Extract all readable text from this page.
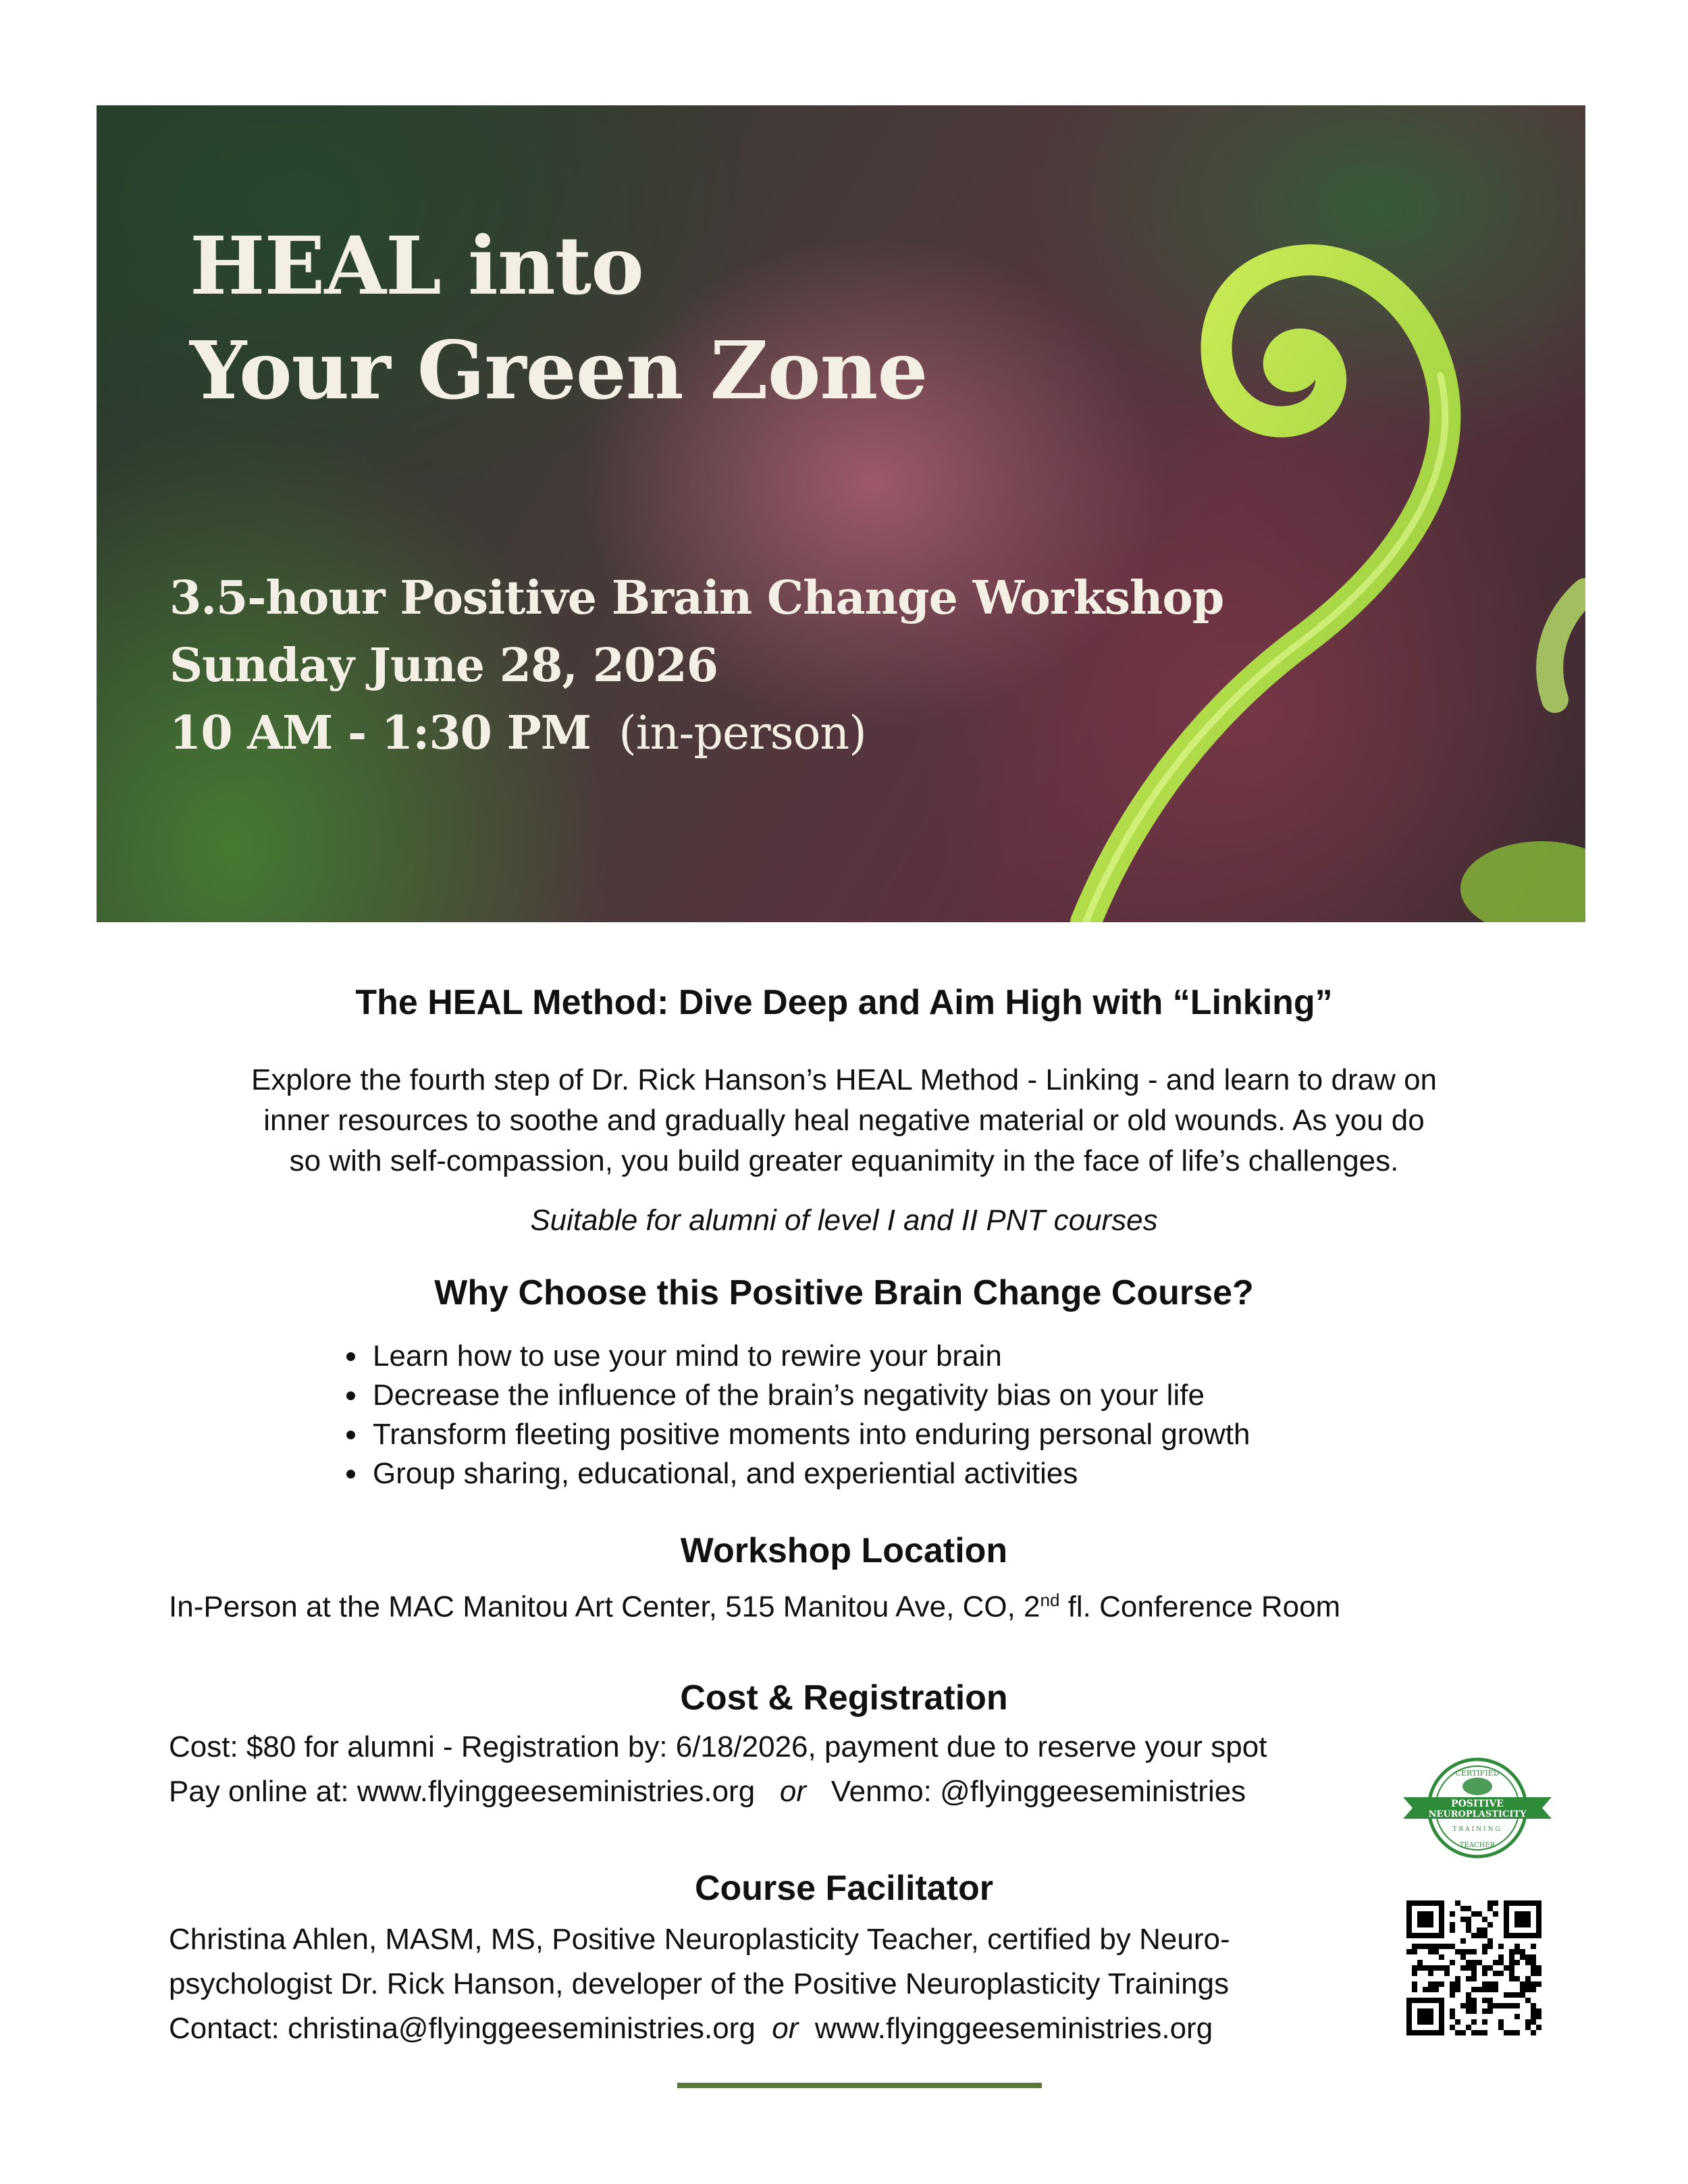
HEAL into
Your Green Zone
3.5-hour Positive Brain Change Workshop
Sunday June 28, 2026
10 AM - 1:30 PM (in-person)
The HEAL Method: Dive Deep and Aim High with “Linking”
Explore the fourth step of Dr. Rick Hanson’s HEAL Method - Linking - and learn to draw on
inner resources to soothe and gradually heal negative material or old wounds. As you do
so with self-compassion, you build greater equanimity in the face of life’s challenges.
Suitable for alumni of level I and II PNT courses
Why Choose this Positive Brain Change Course?
• Learn how to use your mind to rewire your brain
• Decrease the influence of the brain’s negativity bias on your life
• Transform fleeting positive moments into enduring personal growth
• Group sharing, educational, and experiential activities
Workshop Location
In-Person at the MAC Manitou Art Center, 515 Manitou Ave, CO, 2nd fl. Conference Room
Cost & Registration
Cost: $80 for alumni - Registration by: 6/18/2026, payment due to reserve your spot
Pay online at: www.flyinggeeseministries.org or Venmo: @flyinggeeseministries
Course Facilitator
Christina Ahlen, MASM, MS, Positive Neuroplasticity Teacher, certified by Neuro-
psychologist Dr. Rick Hanson, developer of the Positive Neuroplasticity Trainings
Contact: christina@flyinggeeseministries.org or www.flyinggeeseministries.org
CERTIFIED
POSITIVE
NEUROPLASTICITY
TRAINING
TEACHER
